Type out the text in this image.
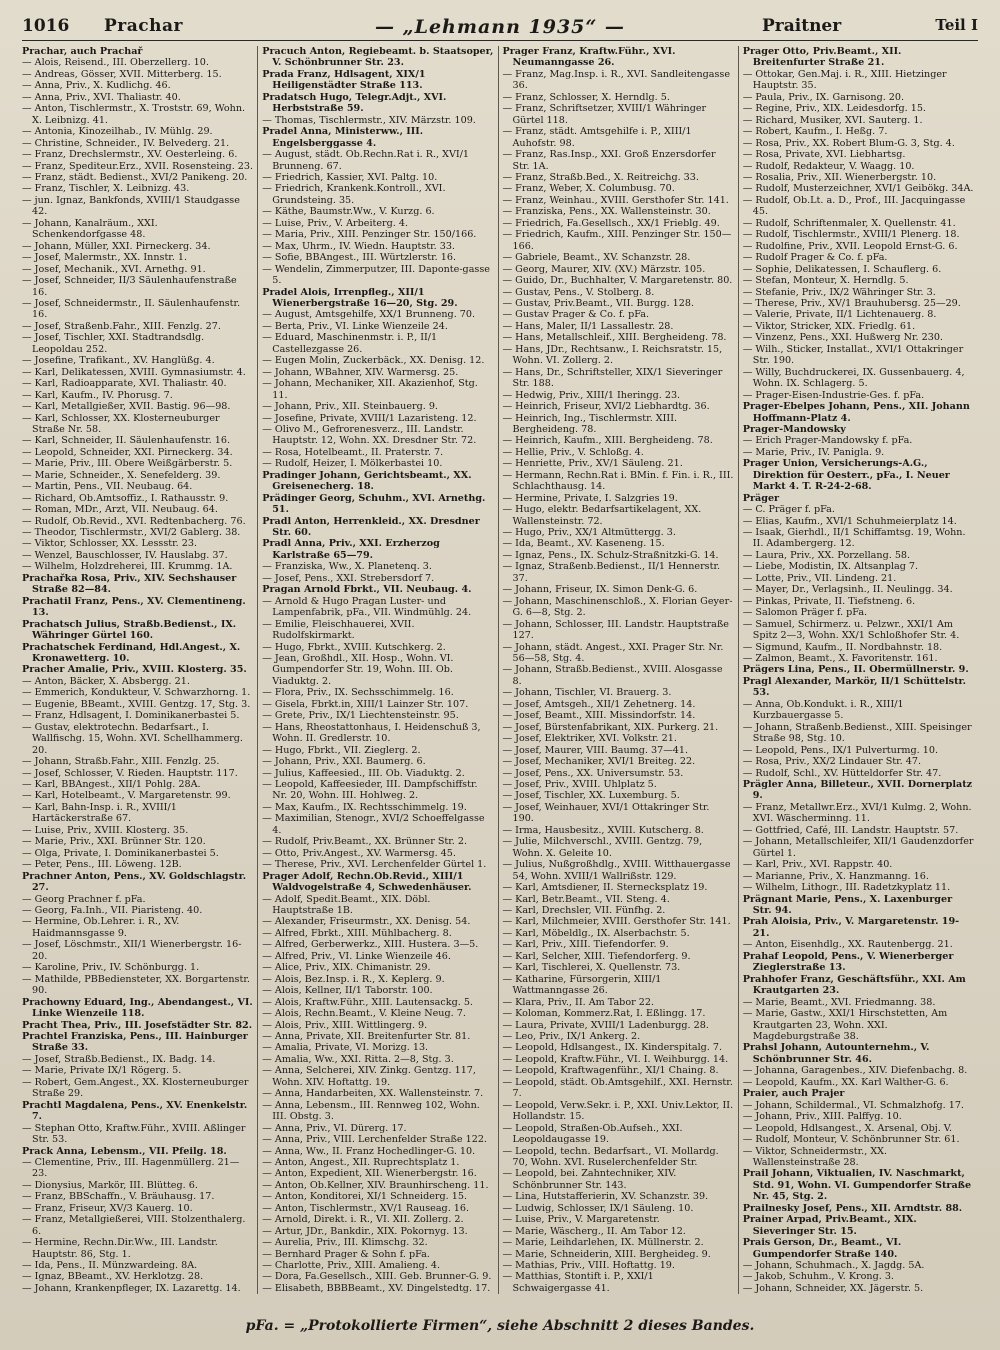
1016 Prachar	— „Lehmann 1935“ —	Praitner	Teil I

Prachar, auch Prachař

— Alois, Reisend., III. Oberzellerg. 10.

— Andreas, Gösser, XVII. Mitterberg. 15.

— Anna, Priv., X. Kudlichg. 46.

— Anna, Priv., XVI. Thaliastr. 40.

— Anton, Tischlermstr., X. Troststr. 69, Wohn. X. Leibnizg. 41.

— Antonia, Kinozeilhab., IV. Mühlg. 29.

— Christine, Schneider., IV. Belvederg. 21.

— Franz, Drechslermstr., XV. Oesterleing. 6.

— Franz, Spediteur.Erz., XVII. Rosensteing. 23.

— Franz, städt. Bedienst., XVI/2 Panikeng. 20.

— Franz, Tischler, X. Leibnizg. 43.

— jun. Ignaz, Bankfonds, XVIII/1 Staudgasse 42.

— Johann, Kanalräum., XXI. Schenkendorfgasse 48.

— Johann, Müller, XXI. Pirneckerg. 34.

— Josef, Malermstr., XX. Innstr. 1.

— Josef, Mechanik., XVI. Arnethg. 91.

— Josef, Schneider, II/3 Säulenhaufenstraße 16.

— Josef, Schneidermstr., II. Säulenhaufenstr. 16.

— Josef, Straßenb.Fahr., XIII. Fenzlg. 27.

— Josef, Tischler, XXI. Stadtrandsdlg. Leopoldau 252.

— Josefine, Trafikant., XV. Hanglüßg. 4.

— Karl, Delikatessen, XVIII. Gymnasiumstr. 4.

— Karl, Radioapparate, XVI. Thaliastr. 40.

— Karl, Kaufm., IV. Phorusg. 7.

— Karl, Metallgießer, XVII. Bastig. 96—98.

— Karl, Schlosser, XX. Klosterneuburger Straße Nr. 58.

— Karl, Schneider, II. Säulenhaufenstr. 16.

— Leopold, Schneider, XXI. Pirneckerg. 34.

— Marie, Priv., III. Obere Weißgärberstr. 5.

— Marie, Schneider., X. Senefelderg. 39.

— Martin, Pens., VII. Neubaug. 64.

— Richard, Ob.Amtsoffiz., I. Rathausstr. 9.

— Roman, MDr., Arzt, VII. Neubaug. 64.

— Rudolf, Ob.Revid., XVI. Redtenbacherg. 76.

— Theodor, Tischlermstr., XVI/2 Gablerg. 38.

— Viktor, Schlosser, XX. Lessstr. 23.

— Wenzel, Bauschlosser, IV. Hauslabg. 37.

— Wilhelm, Holzdreherei, III. Krummg. 1A.

Prachařka Rosa, Priv., XIV. Sechshauser Straße 82—84.

Prachatil Franz, Pens., XV. Clementineng. 13.

Prachatsch Julius, Straßb.Bedienst., IX. Währinger Gürtel 160.

Prachatschek Ferdinand, Hdl.Angest., X. Kronawetterg. 10.

Pracher Amalie, Priv., XVIII. Klosterg. 35.

— Anton, Bäcker, X. Absbergg. 21.

— Emmerich, Kondukteur, V. Schwarzhorng. 1.

— Eugenie, BBeamt., XVIII. Gentzg. 17, Stg. 3.

— Franz, Hdlsagent, I. Dominikanerbastei 5.

— Gustav, elektrotechn. Bedarfsart., I. Wallfischg. 15, Wohn. XVI. Schellhammerg. 20.

— Johann, Straßb.Fahr., XIII. Fenzlg. 25.

— Josef, Schlosser, V. Rieden. Hauptstr. 117.

— Karl, BBAngest., XII/1 Pohlg. 28A.

— Karl, Hotelbeamt., V. Margaretenstr. 99.

— Karl, Bahn-Insp. i. R., XVIII/1 Hartäckerstraße 67.

— Luise, Priv., XVIII. Klosterg. 35.

— Marie, Priv., XXI. Brünner Str. 120.

— Olga, Private, I. Dominikanerbastei 5.

— Peter, Pens., III. Löweng. 12B.

Prachner Anton, Pens., XV. Goldschlagstr. 27.

— Georg Prachner f. pFa.

— Georg, Fa.Inh., VII. Piaristeng. 40.

— Hermine, Ob.Lehrer. i. R., XV. Haidmannsgasse 9.

— Josef, Löschmstr., XII/1 Wienerbergstr. 16-20.

— Karoline, Priv., IV. Schönburgg. 1.

— Mathilde, PBBediensteter, XX. Borgartenstr. 90.

Prachowny Eduard, Ing., Abendangest., VI. Linke Wienzeile 118.

Pracht Thea, Priv., III. Josefstädter Str. 82.

Prachtel Franziska, Pens., III. Hainburger Straße 33.

— Josef, Straßb.Bedienst., IX. Badg. 14.

— Marie, Private IX/1 Rögerg. 5.

— Robert, Gem.Angest., XX. Klosterneuburger Straße 29.

Prachtl Magdalena, Pens., XV. Enenkelstr. 7.

— Stephan Otto, Kraftw.Führ., XVIII. Aßlinger Str. 53.

Prack Anna, Lebensm., VII. Pfeilg. 18.

— Clementine, Priv., III. Hagenmüllerg. 21—23.

— Dionysius, Markör, III. Blütteg. 6.

— Franz, BBSchaffn., V. Bräuhausg. 17.

— Franz, Friseur, XV/3 Kauerg. 10.

— Franz, Metallgießerei, VIII. Stolzenthalerg. 6.

— Hermine, Rechn.Dir.Ww., III. Landstr. Hauptstr. 86, Stg. 1.

— Ida, Pens., II. Münzwardeing. 8A.

— Ignaz, BBeamt., XV. Herklotzg. 28.

— Johann, Krankenpfleger, IX. Lazarettg. 14.

Pracuch Anton, Regiebeamt. b. Staatsoper, V. Schönbrunner Str. 23.

Prada Franz, Hdlsagent, XIX/1 Heiligenstädter Straße 113.

Pradatsch Hugo, Telegr.Adjt., XVI. Herbststraße 59.

— Thomas, Tischlermstr., XIV. Märzstr. 109.

Pradel Anna, Ministerww., III. Engelsberggasse 4.

— August, städt. Ob.Rechn.Rat i. R., XVI/1 Brunneng. 67.

— Friedrich, Kassier, XVI. Paltg. 10.

— Friedrich, Krankenk.Kontroll., XVI. Grundsteing. 35.

— Käthe, Baumstr.Ww., V. Kurzg. 6.

— Luise, Priv., V. Arbeiterg. 4.

— Maria, Priv., XIII. Penzinger Str. 150/166.

— Max, Uhrm., IV. Wiedn. Hauptstr. 33.

— Sofie, BBAngest., III. Würtzlerstr. 16.

— Wendelin, Zimmerputzer, III. Daponte-gasse 5.

Pradel Alois, Irrenpfleg., XII/1 Wienerbergstraße 16—20, Stg. 29.

— August, Amtsgehilfe, XX/1 Brunneng. 70.

— Berta, Priv., VI. Linke Wienzeile 24.

— Eduard, Maschinenmstr. i. P., II/1 Castellezgasse 26.

— Eugen Molin, Zuckerbäck., XX. Denisg. 12.

— Johann, WBahner, XIV. Warmersg. 25.

— Johann, Mechaniker, XII. Akazienhof, Stg. 11.

— Johann, Priv., XII. Steinbauerg. 9.

— Josefine, Private, XVIII/1 Lazaristeng. 12.

— Olivo M., Gefrorenesverz., III. Landstr. Hauptstr. 12, Wohn. XX. Dresdner Str. 72.

— Rosa, Hotelbeamt., II. Praterstr. 7.

— Rudolf, Heizer, I. Mölkerbastei 10.

Pradinger Johann, Gerichtsbeamt., XX. Greisenecherg. 18.

Prädinger Georg, Schuhm., XVI. Arnethg. 51.

Pradl Anton, Herrenkleid., XX. Dresdner Str. 60.

Pradl Anna, Priv., XXI. Erzherzog Karlstraße 65—79.

— Franziska, Ww., X. Planetenq. 3.

— Josef, Pens., XXI. Strebersdorf 7.

Pragan Arnold Fbrkt., VII. Neubaug. 4.

— Arnold & Hugo Pragan Luster- und Lampenfabrik, pFa., VII. Windmühlg. 24.

— Emilie, Fleischhauerei, XVII. Rudolfskirmarkt.

— Hugo, Fbrkt., XVIII. Kutschkerg. 2.

— Jean, Großhdl., XII. Hosp., Wohn. VI. Gumpendorfer Str. 19, Wohn. III. Ob. Viaduktg. 2.

— Flora, Priv., IX. Sechsschimmelg. 16.

— Gisela, Fbrkt.in, XIII/1 Lainzer Str. 107.

— Grete, Priv., IX/1 Liechtensteinstr. 95.

— Hans, Rheostattonhaus, I. Heidenschuß 3, Wohn. II. Gredlerstr. 10.

— Hugo, Fbrkt., VII. Zieglerg. 2.

— Johann, Priv., XXI. Baumerg. 6.

— Julius, Kaffeesied., III. Ob. Viaduktg. 2.

— Leopold, Kaffeesieder, III. Dampfschiffstr. Nr. 20, Wohn. III. Hohlweg. 2.

— Max, Kaufm., IX. Rechtsschimmelg. 19.

— Maximilian, Stenogr., XVI/2 Schoeffelgasse 4.

— Rudolf, Priv.Beamt., XX. Brünner Str. 2.

— Otto, Priv.Angest., XV. Warmersg. 45.

— Therese, Priv., XVI. Lerchenfelder Gürtel 1.

Prager Adolf, Rechn.Ob.Revid., XIII/1 Waldvogelstraße 4, Schwedenhäuser.

— Adolf, Spedit.Beamt., XIX. Döbl. Hauptstraße 1B.

— Alexander, Friseurmstr., XX. Denisg. 54.

— Alfred, Fbrkt., XIII. Mühlbacherg. 8.

— Alfred, Gerberwerkz., XIII. Hustera. 3—5.

— Alfred, Priv., VI. Linke Wienzeile 46.

— Alice, Priv., XIX. Chimanistr. 29.

— Alois, Bez.Insp. i. R., X. Keplerg. 9.

— Alois, Kellner, II/1 Taborstr. 100.

— Alois, Kraftw.Führ., XIII. Lautensackg. 5.

— Alois, Rechn.Beamt., V. Kleine Neug. 7.

— Alois, Priv., XIII. Wittlingerg. 9.

— Anna, Private, XII. Breitenfurter Str. 81.

— Amalia, Private, VI. Morizg. 13.

— Amalia, Ww., XXI. Ritta. 2—8, Stg. 3.

— Anna, Selcherei, XIV. Zinkg. Gentzg. 117, Wohn. XIV. Hoftattg. 19.

— Anna, Handarbeiten, XX. Wallensteinstr. 7.

— Anna, Lebensm., III. Rennweg 102, Wohn. III. Obstg. 3.

— Anna, Priv., VI. Dürerg. 17.

— Anna, Priv., VIII. Lerchenfelder Straße 122.

— Anna, Ww., II. Franz Hochedlinger-G. 10.

— Anton, Angest., XII. Ruprechtsplatz 1.

— Anton, Expedient, XII. Wienerbergstr. 16.

— Anton, Ob.Kellner, XIV. Braunhirscheng. 11.

— Anton, Konditorei, XI/1 Schneiderg. 15.

— Anton, Tischlermstr., XV/1 Rauseag. 16.

— Arnold, Direkt. i. R., VI. XII. Zollerg. 2.

— Artur, JDr., Bankdir., XIX. Pokornyg. 13.

— Aurelia, Priv., III. Klimschg. 32.

— Bernhard Prager & Sohn f. pFa.

— Charlotte, Priv., XIII. Amalieng. 4.

— Dora, Fa.Gesellsch., XIII. Geb. Brunner-G. 9.

— Elisabeth, BBBBeamt., XV. Dingelstedtg. 17.

Prager Franz, Kraftw.Führ., XVI. Neumanngasse 26.

— Franz, Mag.Insp. i. R., XVI. Sandleitengasse 36.

— Franz, Schlosser, X. Herndlg. 5.

— Franz, Schriftsetzer, XVIII/1 Währinger Gürtel 118.

— Franz, städt. Amtsgehilfe i. P., XIII/1 Auhofstr. 98.

— Franz, Ras.Insp., XXI. Groß Enzersdorfer Str. 1A.

— Franz, Straßb.Bed., X. Reitreichg. 33.

— Franz, Weber, X. Columbusg. 70.

— Franz, Weinhau., XVIII. Gersthofer Str. 141.

— Franziska, Pens., XX. Wallensteinstr. 30.

— Friedrich, Fa.Gesellsch., XX/1 Frieblg. 49.

— Friedrich, Kaufm., XIII. Penzinger Str. 150—166.

— Gabriele, Beamt., XV. Schanzstr. 28.

— Georg, Maurer, XIV. (XV.) Märzstr. 105.

— Guido, Dr., Buchhalter, V. Margaretenstr. 80.

— Gustav, Pens., V. Stolberg. 8.

— Gustav, Priv.Beamt., VII. Burgg. 128.

— Gustav Prager & Co. f. pFa.

— Hans, Maler, II/1 Lassallestr. 28.

— Hans, Metallschleif., XIII. Bergheideng. 78.

— Hans, JDr., Rechtsanw., I. Reichsratstr. 15, Wohn. VI. Zollerg. 2.

— Hans, Dr., Schriftsteller, XIX/1 Sieveringer Str. 188.

— Hedwig, Priv., XIII/1 Iheringg. 23.

— Heinrich, Friseur, XVI/2 Liebhardtg. 36.

— Heinrich, Ing., Tischlermstr. XIII. Bergheideng. 78.

— Heinrich, Kaufm., XIII. Bergheideng. 78.

— Hellie, Priv., V. Schloßg. 4.

— Henriette, Priv., XV/1 Säuleng. 21.

— Hermann, Rechn.Rat i. BMin. f. Fin. i. R., III. Schlachthausg. 14.

— Hermine, Private, I. Salzgries 19.

— Hugo, elektr. Bedarfsartikelagent, XX. Wallensteinstr. 72.

— Hugo, Priv., XX/1 Altmüttergg. 3.

— Ida, Beamt., XV. Kaseneng. 15.

— Ignaz, Pens., IX. Schulz-Straßnitzki-G. 14.

— Ignaz, Straßenb.Bedienst., II/1 Hennerstr. 37.

— Johann, Friseur, IX. Simon Denk-G. 6.

— Johann, Maschinenschloß., X. Florian Geyer-G. 6—8, Stg. 2.

— Johann, Schlosser, III. Landstr. Hauptstraße 127.

— Johann, städt. Angest., XXI. Prager Str. Nr. 56—58, Stg. 4.

— Johann, Straßb.Bedienst., XVIII. Alosgasse 8.

— Johann, Tischler, VI. Brauerg. 3.

— Josef, Amtsgeh., XII/1 Zehetnerg. 14.

— Josef, Beamt., XIII. Missindorfstr. 14.

— Josef, Bürstenfabrikant, XIX. Purkerg. 21.

— Josef, Elektriker, XVI. Volkstr. 21.

— Josef, Maurer, VIII. Baumg. 37—41.

— Josef, Mechaniker, XVI/1 Breiteg. 22.

— Josef, Pens., XX. Universumstr. 53.

— Josef, Priv., XVIII. Uhlplatz 5.

— Josef, Tischler, XX. Luxemburg. 5.

— Josef, Weinhauer, XVI/1 Ottakringer Str. 190.

— Irma, Hausbesitz., XVIII. Kutscherg. 8.

— Julie, Milchverschl., XVIII. Gentzg. 79, Wohn. X. Geleite 10.

— Julius, Nußgroßhdlg., XVIII. Witthauergasse 54, Wohn. XVIII/1 Wallrißstr. 129.

— Karl, Amtsdiener, II. Sternecksplatz 19.

— Karl, Betr.Beamt., VII. Steng. 4.

— Karl, Drechsler, VII. Fünfhg. 2.

— Karl, Milchmeier, XVIII. Gersthofer Str. 141.

— Karl, Möbeldlg., IX. Alserbachstr. 5.

— Karl, Priv., XIII. Tiefendorfer. 9.

— Karl, Selcher, XIII. Tiefendorferg. 9.

— Karl, Tischlerei, X. Quellenstr. 73.

— Katharine, Fürsorgerin, XIII/1 Wattmanngasse 26.

— Klara, Priv., II. Am Tabor 22.

— Koloman, Kommerz.Rat, I. Eßlingg. 17.

— Laura, Private, XVIII/1 Ladenburgg. 28.

— Leo, Priv., IX/1 Ankerg. 2.

— Leopold, Hdlsangest., IX. Kinderspitalg. 7.

— Leopold, Kraftw.Führ., VI. I. Weihburgg. 14.

— Leopold, Kraftwagenführ., XI/1 Chaing. 8.

— Leopold, städt. Ob.Amtsgehilf., XXI. Hernstr. 7.

— Leopold, Verw.Sekr. i. P., XXI. Univ.Lektor, II. Hollandstr. 15.

— Leopold, Straßen-Ob.Aufseh., XXI. Leopoldaugasse 19.

— Leopold, techn. Bedarfsart., VI. Mollardg. 70, Wohn. XVI. Ruselerchenfelder Str.

— Leopold, bei. Zahntechniker, XIV. Schönbrunner Str. 143.

— Lina, Hutstafferierin, XV. Schanzstr. 39.

— Ludwig, Schlosser, IX/1 Säuleng. 10.

— Luise, Priv., V. Margaretenstr.

— Marie, Wäscherg., II. Am Tabor 12.

— Marie, Leihdarlehen, IX. Müllnerstr. 2.

— Marie, Schneiderin, XIII. Bergheideg. 9.

— Mathias, Priv., VIII. Hoftattg. 19.

— Matthias, Stontift i. P., XXI/1 Schwaigergasse 41.

Prager Otto, Priv.Beamt., XII. Breitenfurter Straße 21.

— Ottokar, Gen.Maj. i. R., XIII. Hietzinger Hauptstr. 35.

— Paula, Priv., IX. Garnisong. 20.

— Regine, Priv., XIX. Leidesdorfg. 15.

— Richard, Musiker, XVI. Sauterg. 1.

— Robert, Kaufm., I. Heßg. 7.

— Rosa, Priv., XX. Robert Blum-G. 3, Stg. 4.

— Rosa, Private, XVI. Liebhartsg.

— Rudolf, Redakteur, V. Waagg. 10.

— Rosalia, Priv., XII. Wienerbergstr. 10.

— Rudolf, Musterzeichner, XVI/1 Geibökg. 34A.

— Rudolf, Ob.Lt. a. D., Prof., III. Jacquingasse 45.

— Rudolf, Schriftenmaler, X. Quellenstr. 41.

— Rudolf, Tischlermstr., XVIII/1 Plenerg. 18.

— Rudolfine, Priv., XVII. Leopold Ernst-G. 6.

— Rudolf Prager & Co. f. pFa.

— Sophie, Delikatessen, I. Schauflerg. 6.

— Stefan, Monteur, X. Herndlg. 5.

— Stefanie, Priv., IX/2 Währinger Str. 3.

— Therese, Priv., XV/1 Brauhubersg. 25—29.

— Valerie, Private, II/1 Lichtenauerg. 8.

— Viktor, Stricker, XIX. Friedlg. 61.

— Vinzenz, Pens., XXI. Hußwerg Nr. 230.

— Wilh., Sticker, Installat., XVI/1 Ottakringer Str. 190.

— Willy, Buchdruckerei, IX. Gussenbauerg. 4, Wohn. IX. Schlagerg. 5.

— Prager-Eisen-Industrie-Ges. f. pFa.

Prager-Ebelpes Johann, Pens., XII. Johann Hoffmann-Platz 4.

Prager-Mandowsky

— Erich Prager-Mandowsky f. pFa.

— Marie, Priv., IV. Panigla. 9.

Prager Union, Versicherungs-A.G., Direktion für Oesterr., pFa., I. Neuer Markt 4. T. R-24-2-68.

Präger

— C. Präger f. pFa.

— Elias, Kaufm., XVI/1 Schuhmeierplatz 14.

— Isaak, Gierhdl., II/1 Schiffamtsg. 19, Wohn. II. Adambergerg. 12.

— Laura, Priv., XX. Porzellang. 58.

— Liebe, Modistin, IX. Altsanplag 7.

— Lotte, Priv., VII. Lindeng. 21.

— Mayer, Dr., Verlagsinh., II. Neulingg. 34.

— Pinkas, Private, II. Tiefstneng. 6.

— Salomon Präger f. pFa.

— Samuel, Schirmerz. u. Pelzwr., XXI/1 Am Spitz 2—3, Wohn. XX/1 Schloßhofer Str. 4.

— Sigmund, Kaufm., II. Nordbahnstr. 18.

— Zalmon, Beamt., X. Favoritenstr. 161.

Prägers Lina, Pens., II. Obermüllnerstr. 9.

Pragl Alexander, Markör, II/1 Schüttelstr. 53.

— Anna, Ob.Kondukt. i. R., XIII/1 Kurzbauergasse 5.

— Johann, Straßenb.Bedienst., XIII. Speisinger Straße 98, Stg. 10.

— Leopold, Pens., IX/1 Pulverturmg. 10.

— Rosa, Priv., XX/2 Lindauer Str. 47.

— Rudolf, Schl., XV. Hütteldorfer Str. 47.

Prägler Anna, Billeteur., XVII. Dornerplatz 9.

— Franz, Metallwr.Erz., XVI/1 Kulmg. 2, Wohn. XVI. Wäscherminng. 11.

— Gottfried, Café, III. Landstr. Hauptstr. 57.

— Johann, Metallschleifer, XII/1 Gaudenzdorfer Gürtel 1.

— Karl, Priv., XVI. Rappstr. 40.

— Marianne, Priv., X. Hanzmanng. 16.

— Wilhelm, Lithogr., III. Radetzkyplatz 11.

Prägnant Marie, Pens., X. Laxenburger Str. 94.

Prah Aloisia, Priv., V. Margaretenstr. 19-21.

— Anton, Eisenhdlg., XX. Rautenbergg. 21.

Prahaf Leopold, Pens., V. Wienerberger Zieglerstraße 13.

Prahhofer Franz, Geschäftsführ., XXI. Am Krautgarten 23.

— Marie, Beamt., XVI. Friedmanng. 38.

— Marie, Gastw., XXI/1 Hirschstetten, Am Krautgarten 23, Wohn. XXI. Magdeburgstraße 38.

Prahsl Johann, Autounternehm., V. Schönbrunner Str. 46.

— Johanna, Garagenbes., XIV. Diefenbachg. 8.

— Leopold, Kaufm., XX. Karl Walther-G. 6.

Praier, auch Prajer

— Johann, Schildermal., VI. Schmalzhofg. 17.

— Johann, Priv., XIII. Palffyg. 10.

— Leopold, Hdlsangest., X. Arsenal, Obj. V.

— Rudolf, Monteur, V. Schönbrunner Str. 61.

— Viktor, Schneidermstr., XX. Wallensteinstraße 28.

Prail Johann, Viktualien, IV. Naschmarkt, Std. 91, Wohn. VI. Gumpendorfer Straße Nr. 45, Stg. 2.

Prailnesky Josef, Pens., XII. Arndtstr. 88.

Prainer Arpad, Priv.Beamt., XIX. Sieveringer Str. 15.

Prais Gerson, Dr., Beamt., VI. Gumpendorfer Straße 140.

— Johann, Schuhmach., X. Jagdg. 5A.

— Jakob, Schuhm., V. Krong. 3.

— Johann, Schneider, XX. Jägerstr. 5.

pFa. = „Protokollierte Firmen“, siehe Abschnitt 2 dieses Bandes.
